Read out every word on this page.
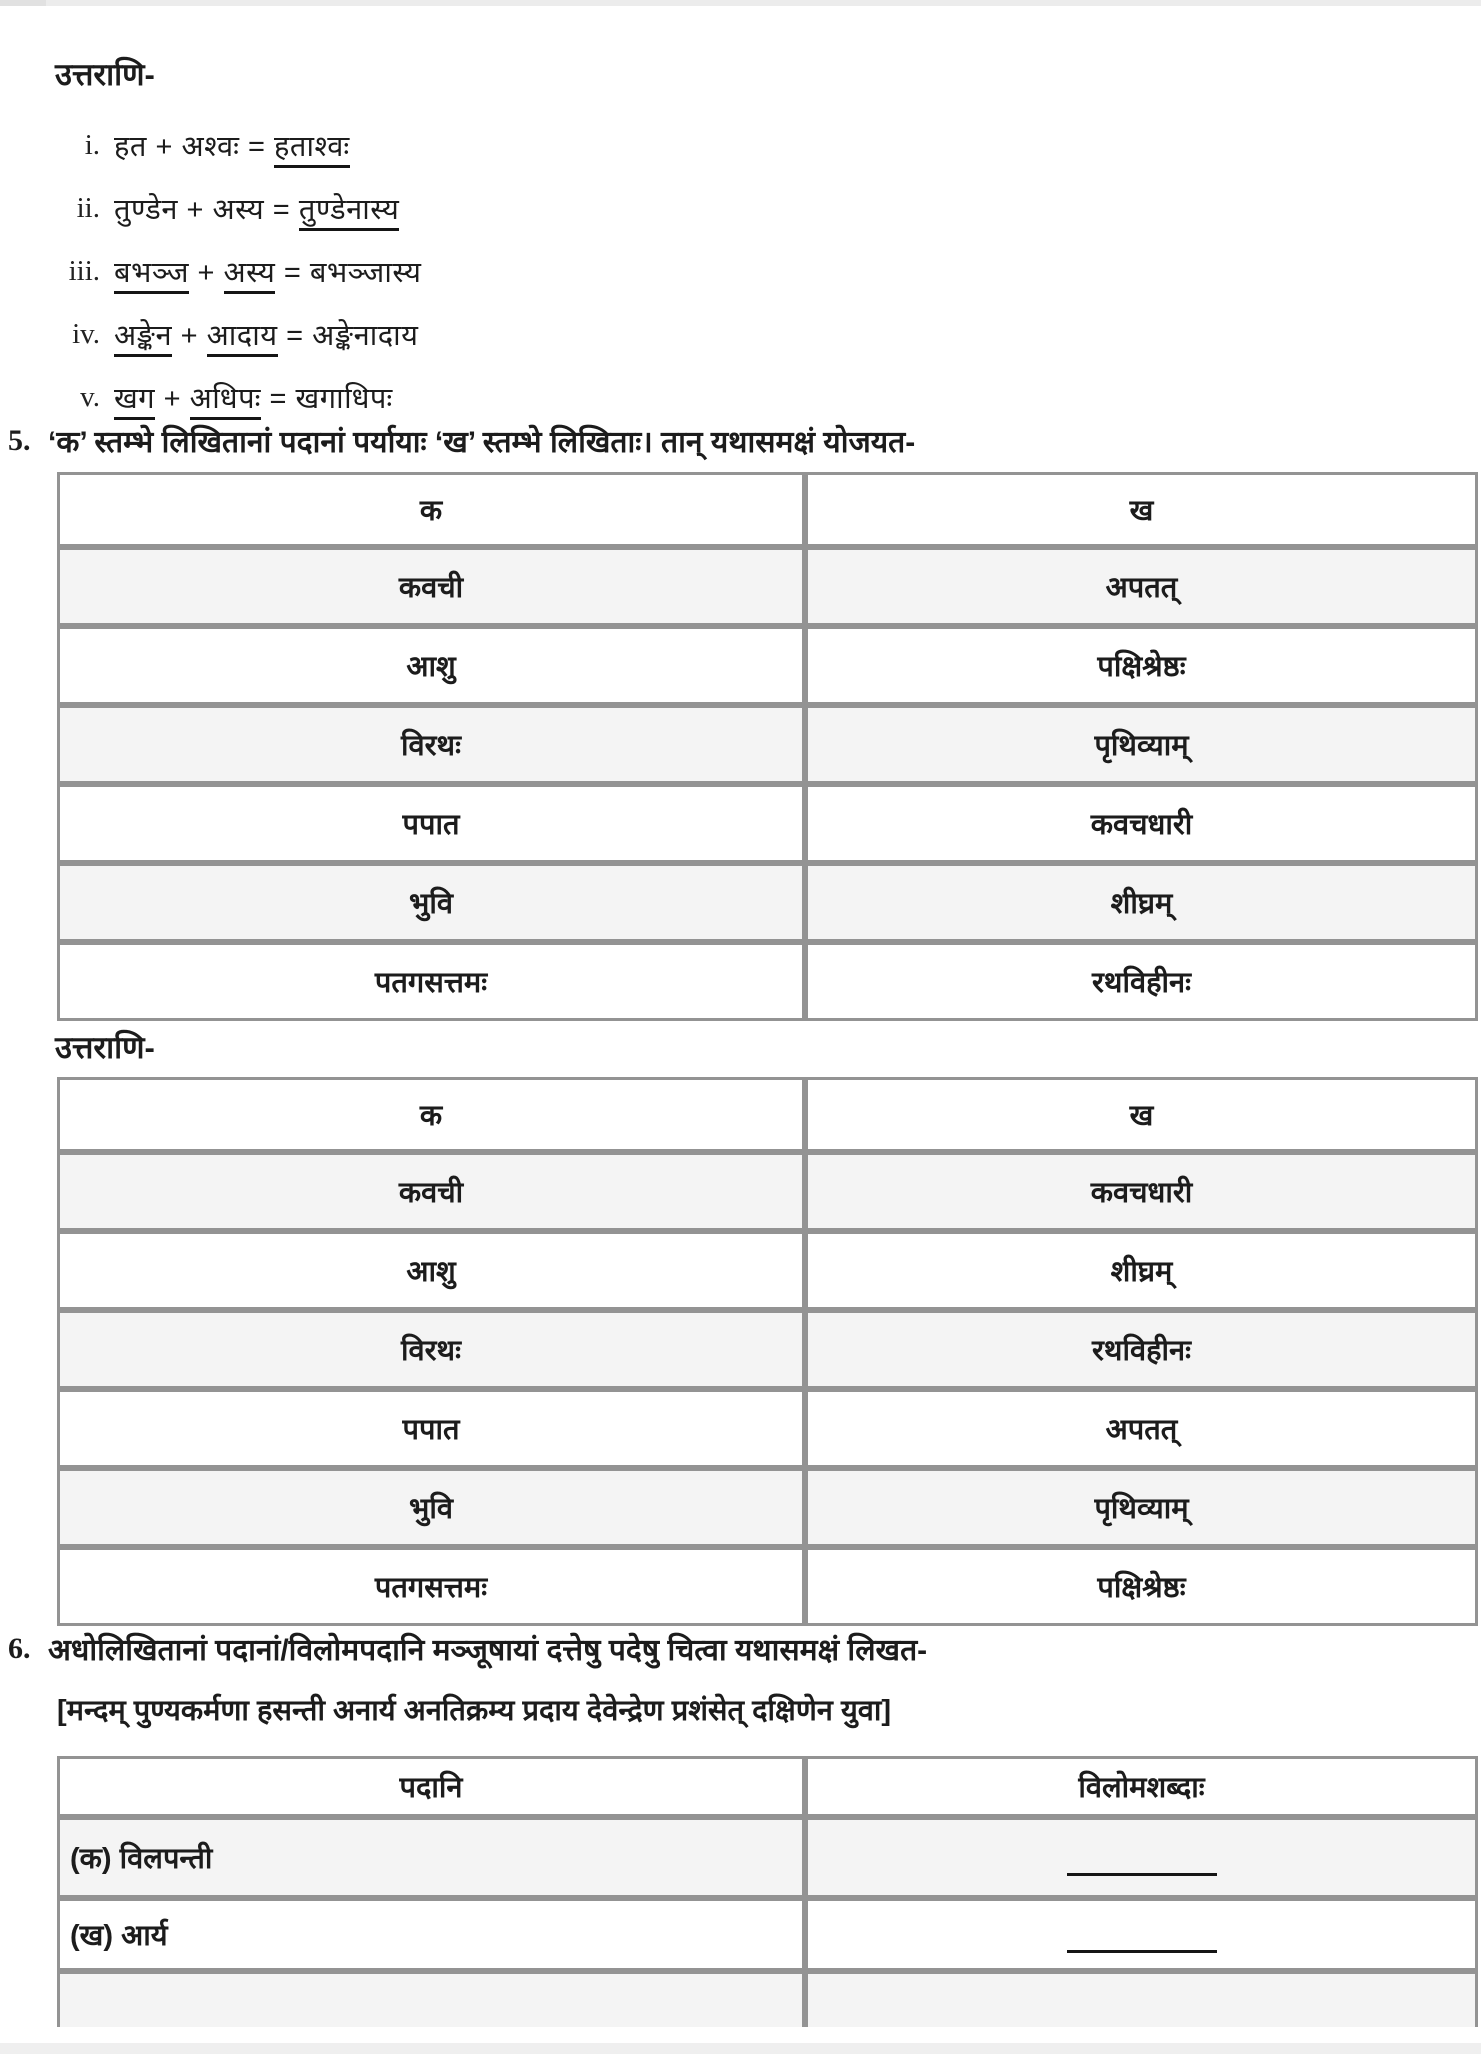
उत्तराणि-
i. हत + अश्वः = हताश्वः
ii. तुण्डेन + अस्य = तुण्डेनास्य
iii. बभञ्ज + अस्य = बभञ्जास्य
iv. अङ्केन + आदाय = अङ्केनादाय
v. खग + अधिपः = खगाधिपः
5. ‘क’ स्तम्भे लिखितानां पदानां पर्यायाः ‘ख’ स्तम्भे लिखिताः। तान् यथासमक्षं योजयत-
क	ख
कवची	अपतत्
आशु	पक्षिश्रेष्ठः
विरथः	पृथिव्याम्
पपात	कवचधारी
भुवि	शीघ्रम्
पतगसत्तमः	रथविहीनः
उत्तराणि-
क	ख
कवची	कवचधारी
आशु	शीघ्रम्
विरथः	रथविहीनः
पपात	अपतत्
भुवि	पृथिव्याम्
पतगसत्तमः	पक्षिश्रेष्ठः
6. अधोलिखितानां पदानां/विलोमपदानि मञ्जूषायां दत्तेषु पदेषु चित्वा यथासमक्षं लिखत-
[मन्दम् पुण्यकर्मणा हसन्ती अनार्य अनतिक्रम्य प्रदाय देवेन्द्रेण प्रशंसेत् दक्षिणेन युवा]
पदानि	विलोमशब्दाः
(क) विलपन्ती	
(ख) आर्य	
